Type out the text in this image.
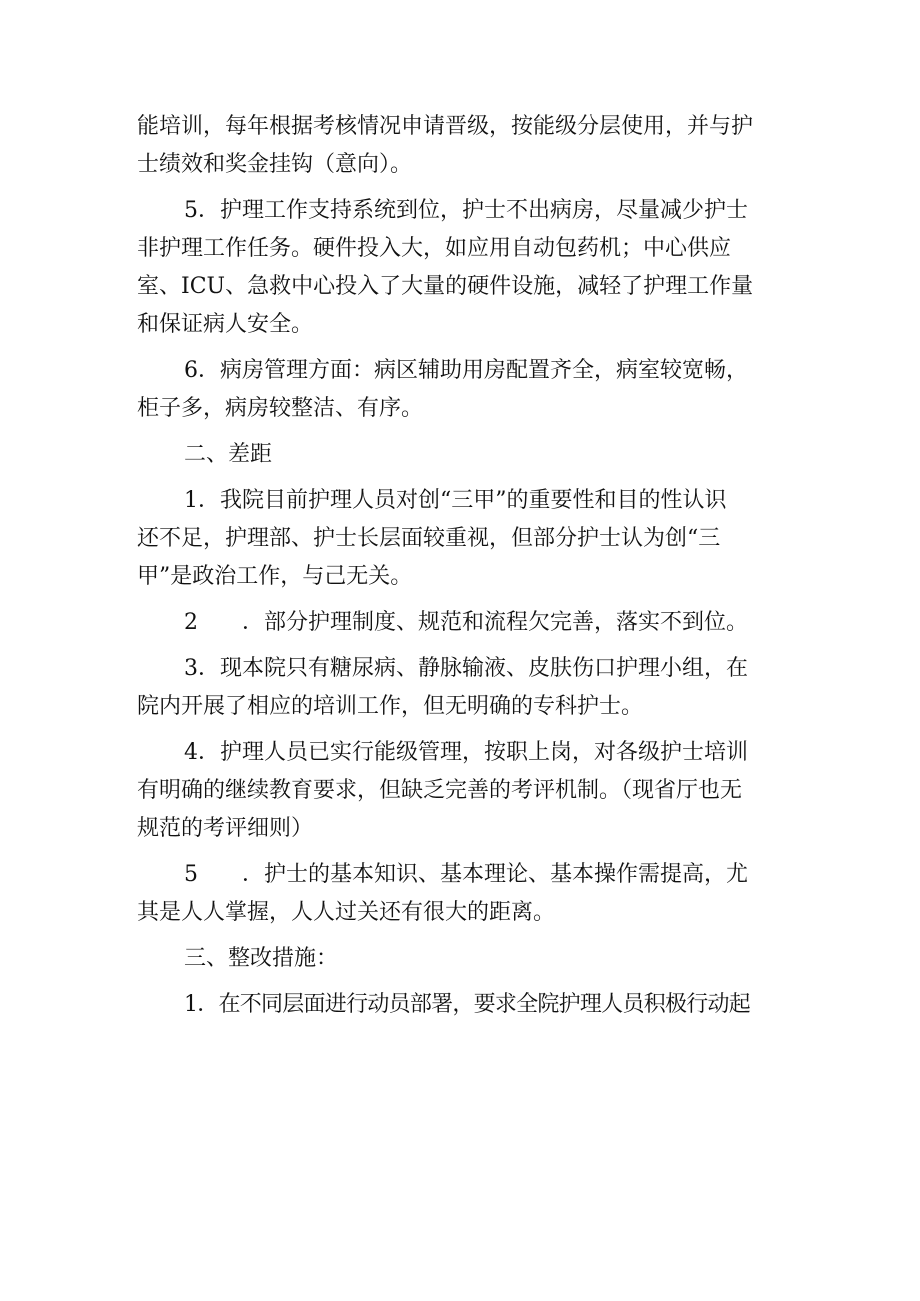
能培训，每年根据考核情况申请晋级，按能级分层使用，并与护
士绩效和奖金挂钩（意向）。

5．护理工作支持系统到位，护士不出病房，尽量减少护士
非护理工作任务。硬件投入大，如应用自动包药机；中心供应
室、ICU、急救中心投入了大量的硬件设施，减轻了护理工作量
和保证病人安全。

6．病房管理方面：病区辅助用房配置齐全，病室较宽畅，
柜子多，病房较整洁、有序。

二、差距

1．我院目前护理人员对创“三甲”的重要性和目的性认识
还不足，护理部、护士长层面较重视，但部分护士认为创“三
甲”是政治工作，与己无关。

2　　．部分护理制度、规范和流程欠完善，落实不到位。

3．现本院只有糖尿病、静脉输液、皮肤伤口护理小组，在
院内开展了相应的培训工作，但无明确的专科护士。

4．护理人员已实行能级管理，按职上岗，对各级护士培训
有明确的继续教育要求，但缺乏完善的考评机制。（现省厅也无
规范的考评细则）

5　　．护士的基本知识、基本理论、基本操作需提高，尤
其是人人掌握，人人过关还有很大的距离。

三、整改措施：

1．在不同层面进行动员部署，要求全院护理人员积极行动起
